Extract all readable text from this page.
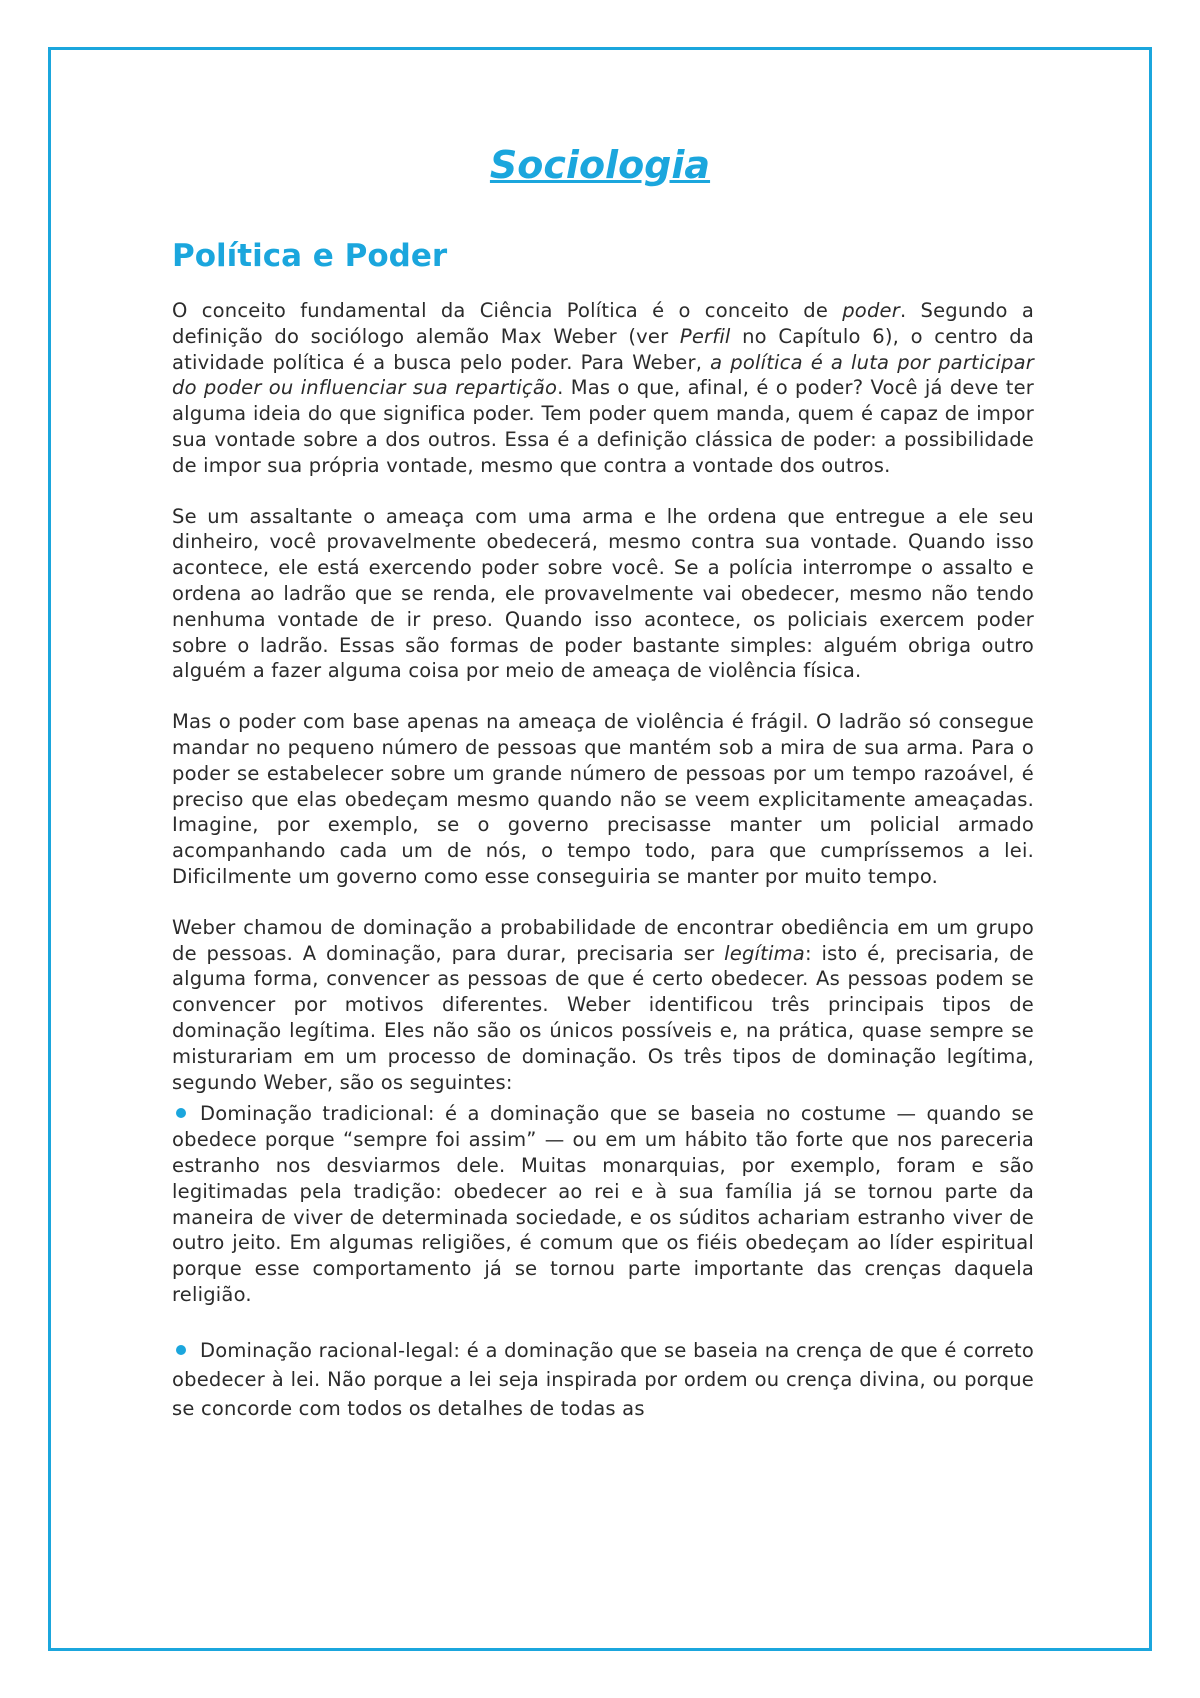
Sociologia
Política e Poder

O conceito fundamental da Ciência Política é o conceito de poder. Segundo a definição do sociólogo alemão Max Weber (ver Perfil no Capítulo 6), o centro da atividade política é a busca pelo poder. Para Weber, a política é a luta por participar do poder ou influenciar sua repartição. Mas o que, afinal, é o poder? Você já deve ter alguma ideia do que significa poder. Tem poder quem manda, quem é capaz de impor sua vontade sobre a dos outros. Essa é a definição clássica de poder: a possibilidade de impor sua própria vontade, mesmo que contra a vontade dos outros.

Se um assaltante o ameaça com uma arma e lhe ordena que entregue a ele seu dinheiro, você provavelmente obedecerá, mesmo contra sua vontade. Quando isso acontece, ele está exercendo poder sobre você. Se a polícia interrompe o assalto e ordena ao ladrão que se renda, ele provavelmente vai obedecer, mesmo não tendo nenhuma vontade de ir preso. Quando isso acontece, os policiais exercem poder sobre o ladrão. Essas são formas de poder bastante simples: alguém obriga outro alguém a fazer alguma coisa por meio de ameaça de violência física.

Mas o poder com base apenas na ameaça de violência é frágil. O ladrão só consegue mandar no pequeno número de pessoas que mantém sob a mira de sua arma. Para o poder se estabelecer sobre um grande número de pessoas por um tempo razoável, é preciso que elas obedeçam mesmo quando não se veem explicitamente ameaçadas. Imagine, por exemplo, se o governo precisasse manter um policial armado acompanhando cada um de nós, o tempo todo, para que cumpríssemos a lei. Dificilmente um governo como esse conseguiria se manter por muito tempo.

Weber chamou de dominação a probabilidade de encontrar obediência em um grupo de pessoas. A dominação, para durar, precisaria ser legítima: isto é, precisaria, de alguma forma, convencer as pessoas de que é certo obedecer. As pessoas podem se convencer por motivos diferentes. Weber identificou três principais tipos de dominação legítima. Eles não são os únicos possíveis e, na prática, quase sempre se misturariam em um processo de dominação. Os três tipos de dominação legítima, segundo Weber, são os seguintes:

Dominação tradicional: é a dominação que se baseia no costume — quando se obedece porque “sempre foi assim” — ou em um hábito tão forte que nos pareceria estranho nos desviarmos dele. Muitas monarquias, por exemplo, foram e são legitimadas pela tradição: obedecer ao rei e à sua família já se tornou parte da maneira de viver de determinada sociedade, e os súditos achariam estranho viver de outro jeito. Em algumas religiões, é comum que os fiéis obedeçam ao líder espiritual porque esse comportamento já se tornou parte importante das crenças daquela religião.

Dominação racional-legal: é a dominação que se baseia na crença de que é correto obedecer à lei. Não porque a lei seja inspirada por ordem ou crença divina, ou porque se concorde com todos os detalhes de todas as
